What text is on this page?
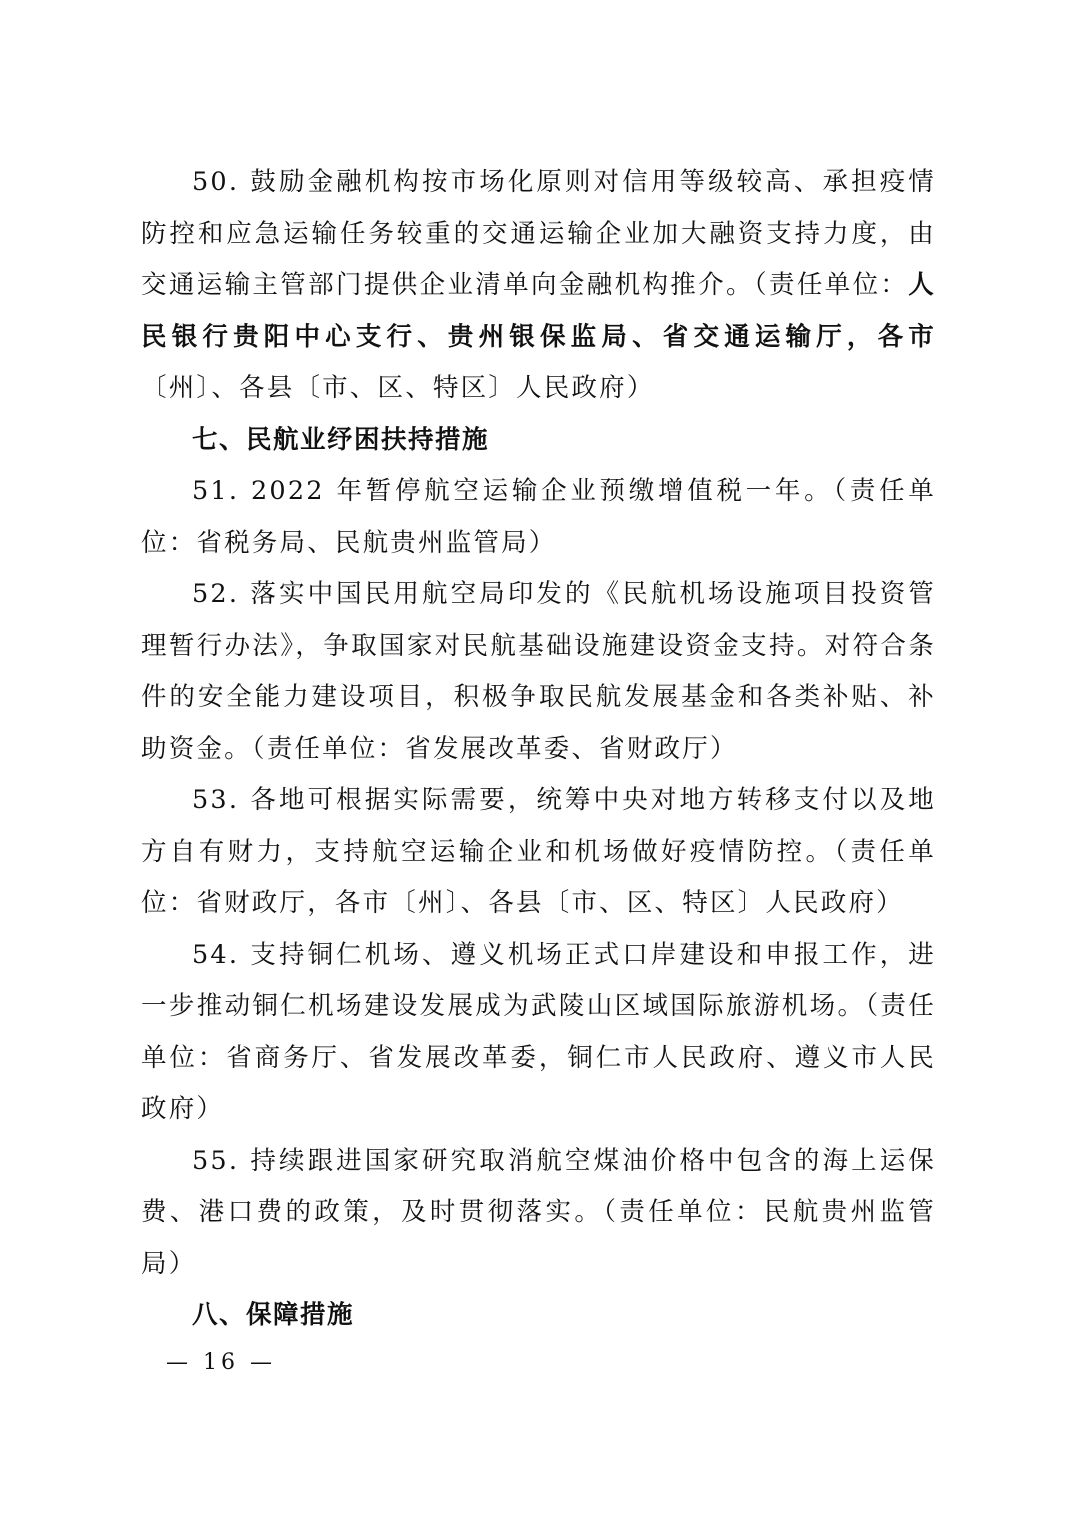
50. 鼓励金融机构按市场化原则对信用等级较高、承担疫情防控和应急运输任务较重的交通运输企业加大融资支持力度，由交通运输主管部门提供企业清单向金融机构推介。（责任单位：人民银行贵阳中心支行、贵州银保监局、省交通运输厅，各市〔州〕、各县〔市、区、特区〕人民政府）

七、民航业纾困扶持措施

51. 2022 年暂停航空运输企业预缴增值税一年。（责任单位：省税务局、民航贵州监管局）

52. 落实中国民用航空局印发的《民航机场设施项目投资管理暂行办法》，争取国家对民航基础设施建设资金支持。对符合条件的安全能力建设项目，积极争取民航发展基金和各类补贴、补助资金。（责任单位：省发展改革委、省财政厅）

53. 各地可根据实际需要，统筹中央对地方转移支付以及地方自有财力，支持航空运输企业和机场做好疫情防控。（责任单位：省财政厅，各市〔州〕、各县〔市、区、特区〕人民政府）

54. 支持铜仁机场、遵义机场正式口岸建设和申报工作，进一步推动铜仁机场建设发展成为武陵山区域国际旅游机场。（责任单位：省商务厅、省发展改革委，铜仁市人民政府、遵义市人民政府）

55. 持续跟进国家研究取消航空煤油价格中包含的海上运保费、港口费的政策，及时贯彻落实。（责任单位：民航贵州监管局）

八、保障措施

— 16 —
